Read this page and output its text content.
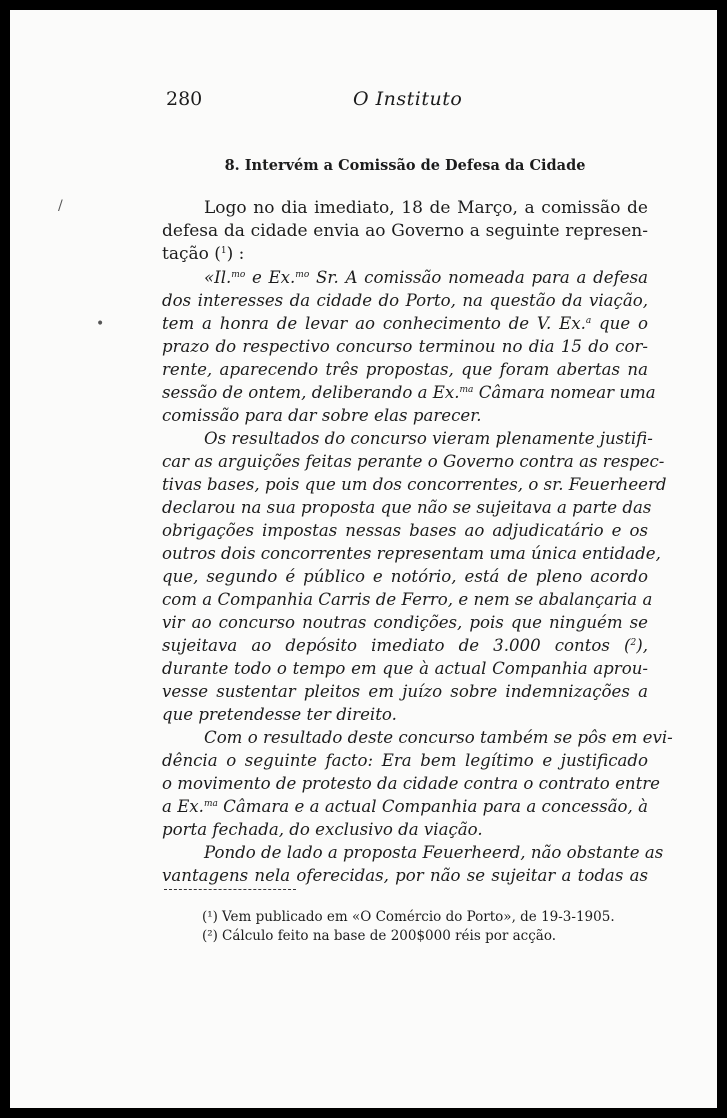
/
•
280	O Instituto
8. Intervém a Comissão de Defesa da Cidade
Logo no dia imediato, 18 de Março, a comissão de
defesa da cidade envia ao Governo a seguinte represen-
tação ($^1$) :
«Il.$^{mo}$ e Ex.$^{mo}$ Sr. A comissão nomeada para a defesa
dos interesses da cidade do Porto, na questão da viação,
tem a honra de levar ao conhecimento de V. Ex.$^a$ que o
prazo do respectivo concurso terminou no dia 15 do cor-
rente, aparecendo três propostas, que foram abertas na
sessão de ontem, deliberando a Ex.$^{ma}$ Câmara nomear uma
comissão para dar sobre elas parecer.
Os resultados do concurso vieram plenamente justifi-
car as arguições feitas perante o Governo contra as respec-
tivas bases, pois que um dos concorrentes, o sr. Feuerheerd
declarou na sua proposta que não se sujeitava a parte das
obrigações impostas nessas bases ao adjudicatário e os
outros dois concorrentes representam uma única entidade,
que, segundo é público e notório, está de pleno acordo
com a Companhia Carris de Ferro, e nem se abalançaria a
vir ao concurso noutras condições, pois que ninguém se
sujeitava ao depósito imediato de 3.000 contos ($^2$),
durante todo o tempo em que à actual Companhia aprou-
vesse sustentar pleitos em juízo sobre indemnizações a
que pretendesse ter direito.
Com o resultado deste concurso também se pôs em evi-
dência o seguinte facto: Era bem legítimo e justificado
o movimento de protesto da cidade contra o contrato entre
a Ex.$^{ma}$ Câmara e a actual Companhia para a concessão, à
porta fechada, do exclusivo da viação.
Pondo de lado a proposta Feuerheerd, não obstante as
vantagens nela oferecidas, por não se sujeitar a todas as
(¹) Vem publicado em «O Comércio do Porto», de 19-3-1905.
(²) Cálculo feito na base de 200$000 réis por acção.
